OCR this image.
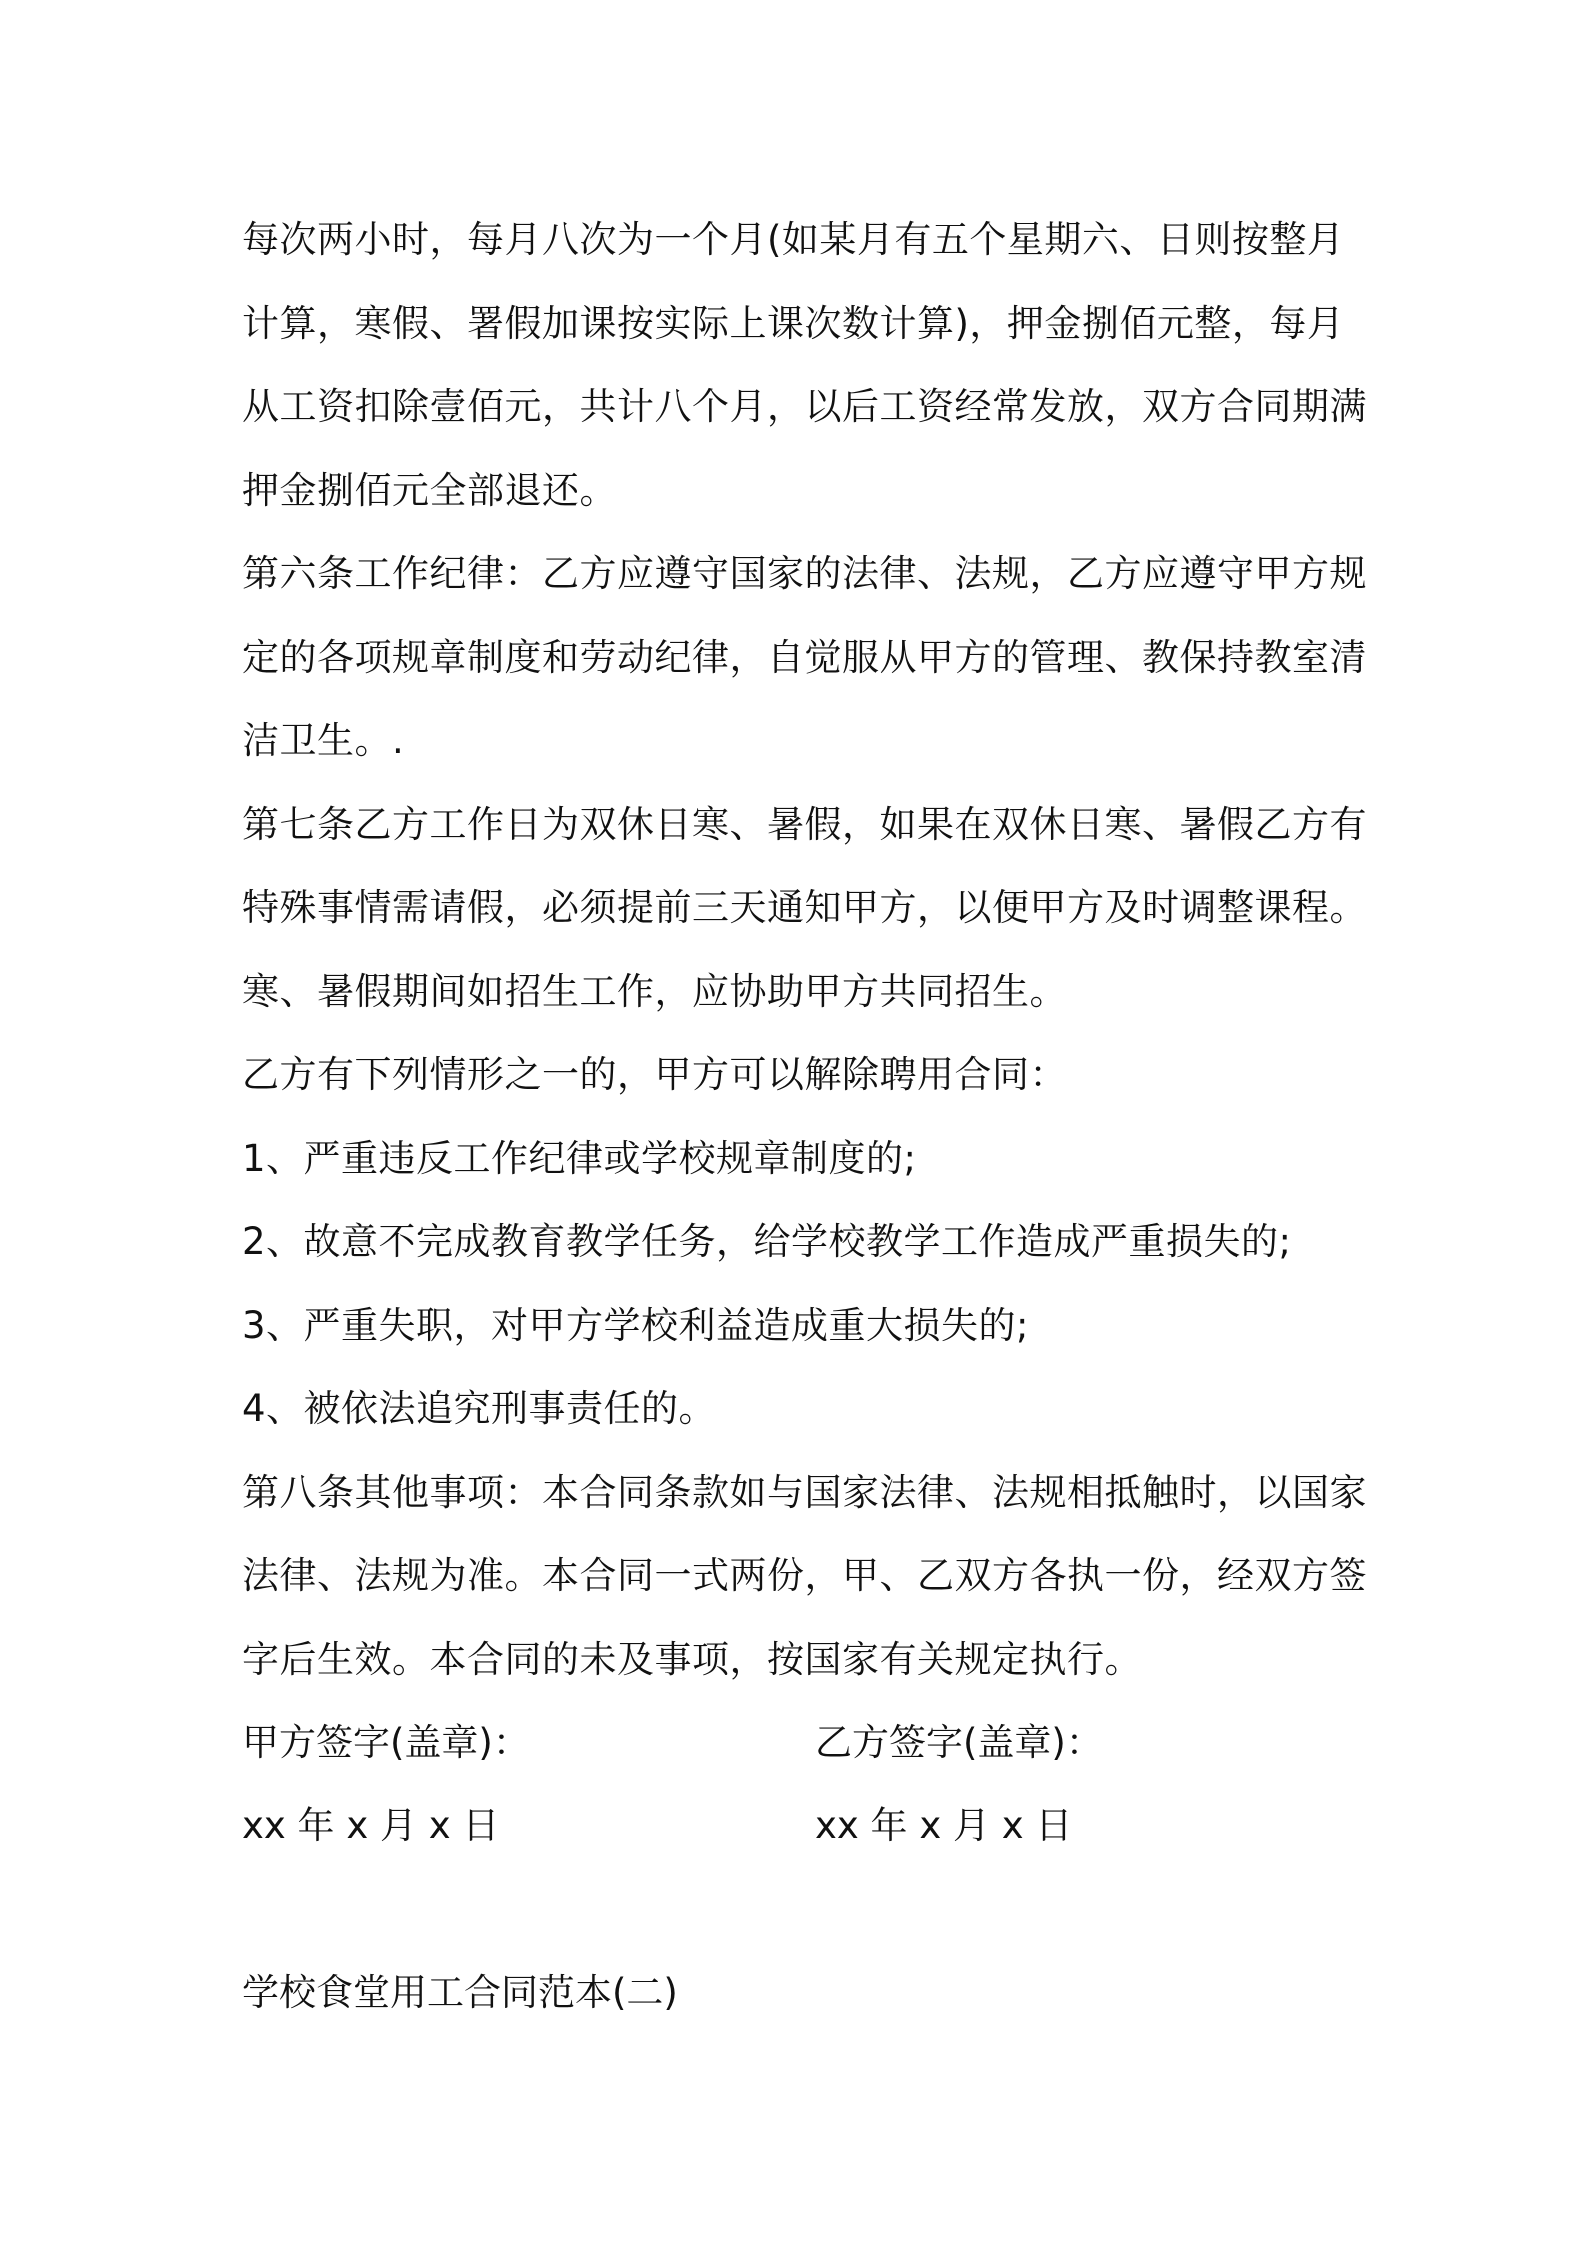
每次两小时，每月八次为一个月(如某月有五个星期六、日则按整月
计算，寒假、署假加课按实际上课次数计算)，押金捌佰元整，每月
从工资扣除壹佰元，共计八个月，以后工资经常发放，双方合同期满
押金捌佰元全部退还。
第六条工作纪律：乙方应遵守国家的法律、法规，乙方应遵守甲方规
定的各项规章制度和劳动纪律，自觉服从甲方的管理、教保持教室清
洁卫生。.
第七条乙方工作日为双休日寒、暑假，如果在双休日寒、暑假乙方有
特殊事情需请假，必须提前三天通知甲方，以便甲方及时调整课程。
寒、暑假期间如招生工作，应协助甲方共同招生。
乙方有下列情形之一的，甲方可以解除聘用合同：
1、严重违反工作纪律或学校规章制度的;
2、故意不完成教育教学任务，给学校教学工作造成严重损失的;
3、严重失职，对甲方学校利益造成重大损失的;
4、被依法追究刑事责任的。
第八条其他事项：本合同条款如与国家法律、法规相抵触时，以国家
法律、法规为准。本合同一式两份，甲、乙双方各执一份，经双方签
字后生效。本合同的未及事项，按国家有关规定执行。
甲方签字(盖章)：	乙方签字(盖章)：
xx 年 x 月 x 日	xx 年 x 月 x 日
学校食堂用工合同范本(二)
